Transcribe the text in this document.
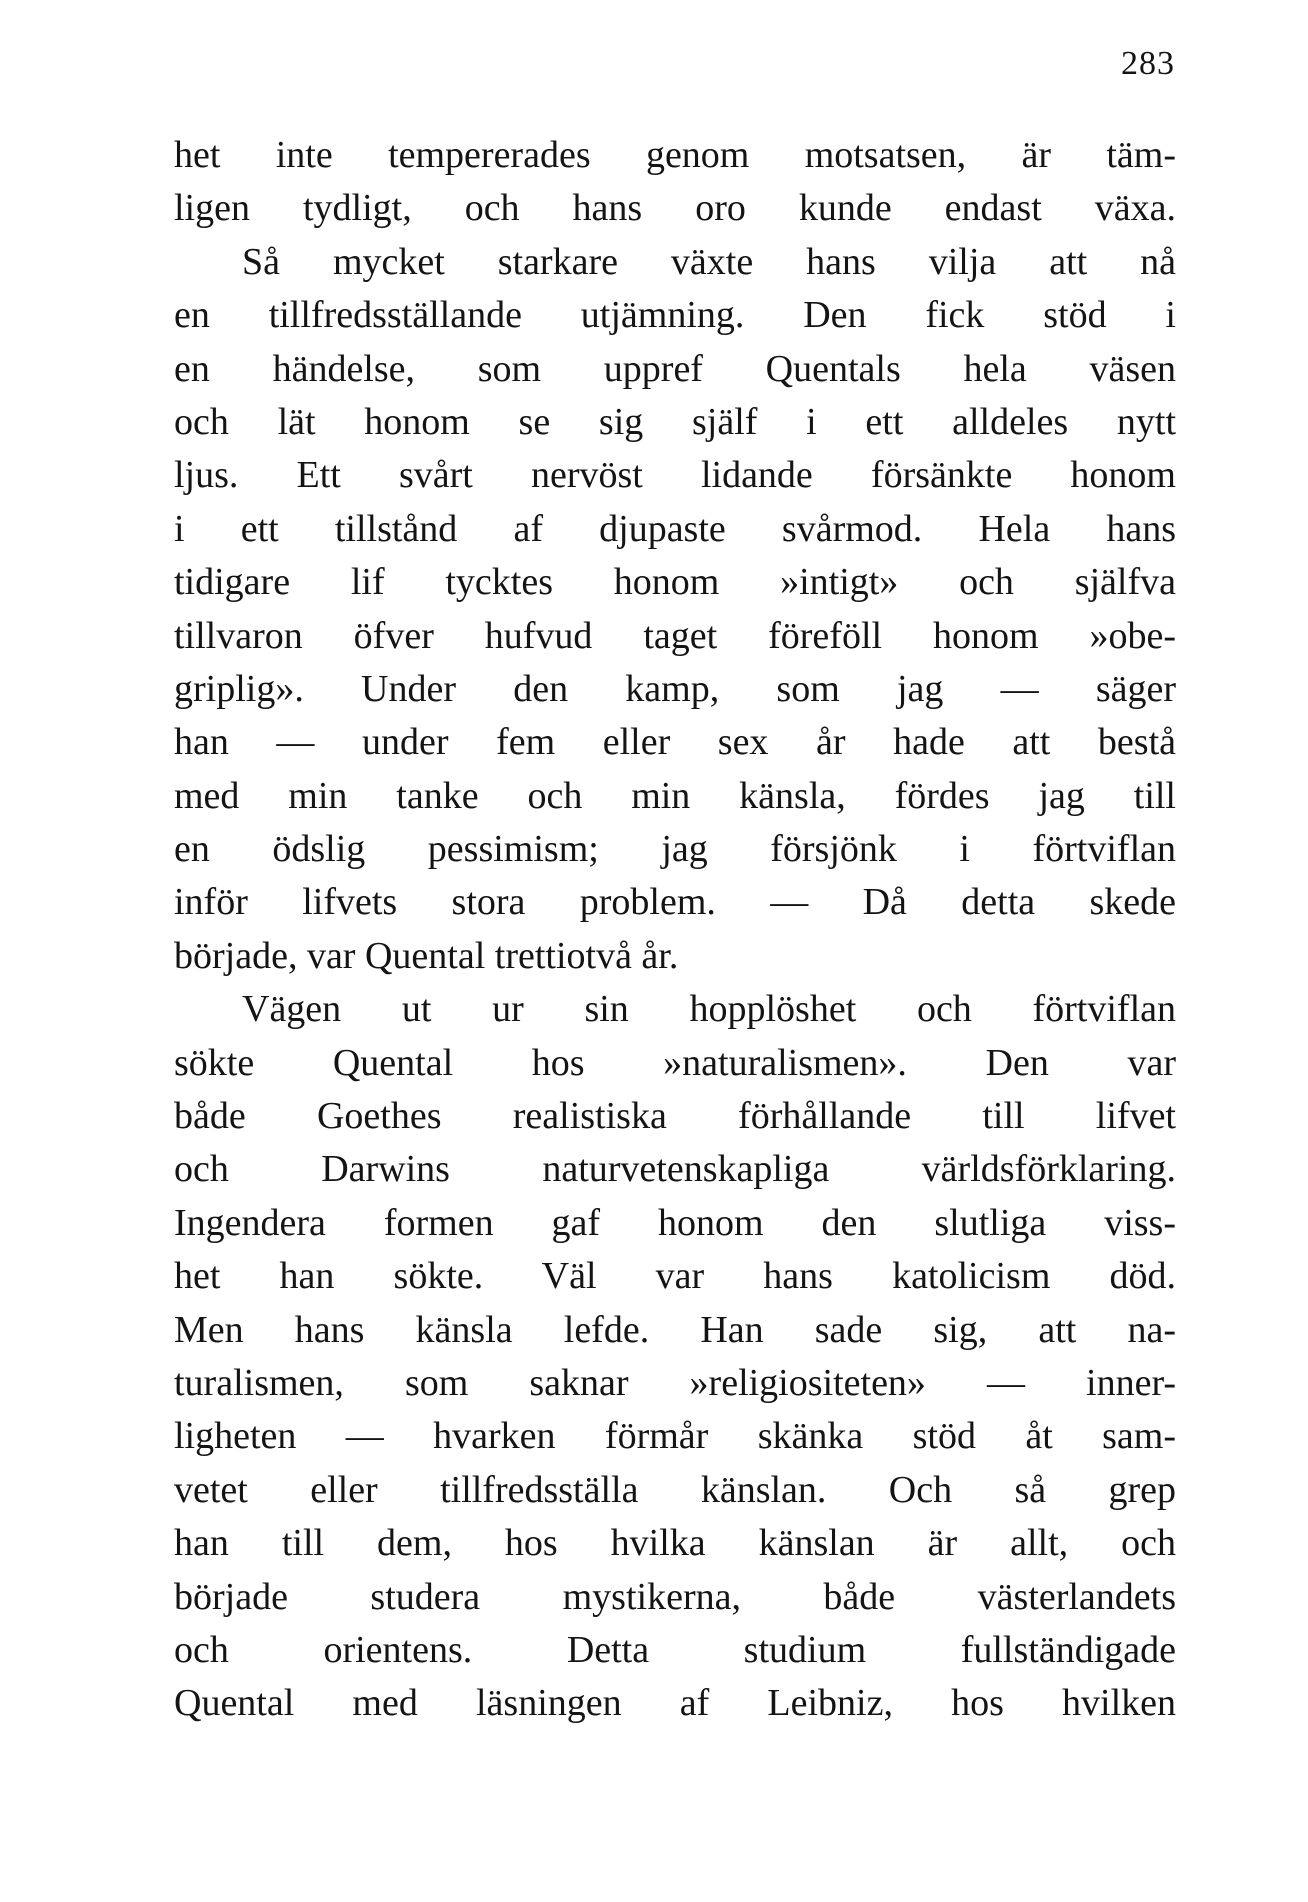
283
het inte tempererades genom motsatsen, är täm-
ligen tydligt, och hans oro kunde endast växa.
Så mycket starkare växte hans vilja att nå
en tillfredsställande utjämning. Den fick stöd i
en händelse, som uppref Quentals hela väsen
och lät honom se sig själf i ett alldeles nytt
ljus. Ett svårt nervöst lidande försänkte honom
i ett tillstånd af djupaste svårmod. Hela hans
tidigare lif tycktes honom »intigt» och själfva
tillvaron öfver hufvud taget föreföll honom »obe-
griplig». Under den kamp, som jag — säger
han — under fem eller sex år hade att bestå
med min tanke och min känsla, fördes jag till
en ödslig pessimism; jag försjönk i förtviflan
inför lifvets stora problem. — Då detta skede
började, var Quental trettiotvå år.
Vägen ut ur sin hopplöshet och förtviflan
sökte Quental hos »naturalismen». Den var
både Goethes realistiska förhållande till lifvet
och Darwins naturvetenskapliga världsförklaring.
Ingendera formen gaf honom den slutliga viss-
het han sökte. Väl var hans katolicism död.
Men hans känsla lefde. Han sade sig, att na-
turalismen, som saknar »religiositeten» — inner-
ligheten — hvarken förmår skänka stöd åt sam-
vetet eller tillfredsställa känslan. Och så grep
han till dem, hos hvilka känslan är allt, och
började studera mystikerna, både västerlandets
och orientens. Detta studium fullständigade
Quental med läsningen af Leibniz, hos hvilken
